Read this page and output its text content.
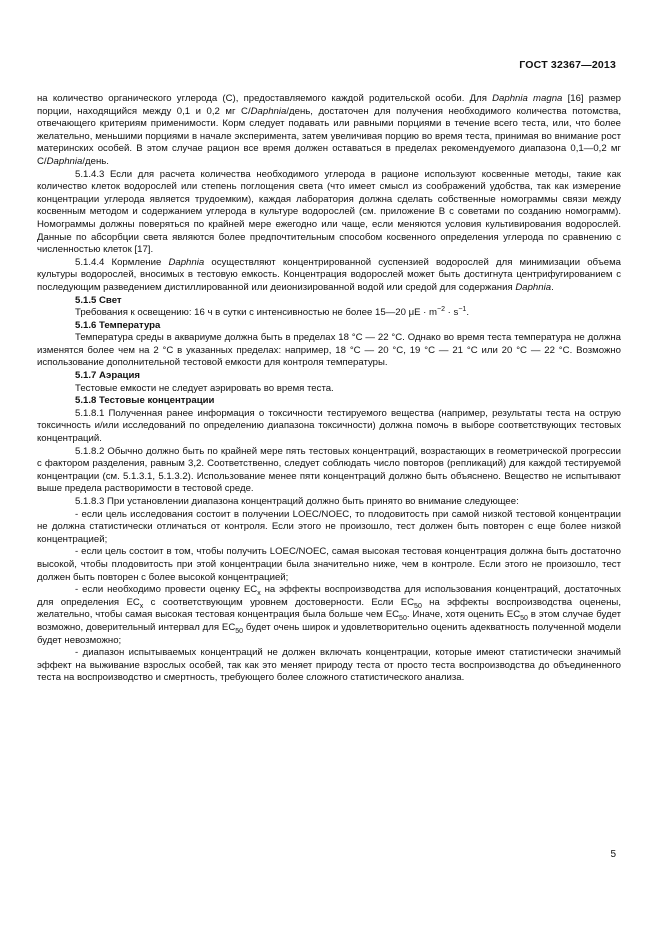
ГОСТ 32367—2013

на количество органического углерода (С), предоставляемого каждой родительской особи. Для Daphnia magna [16] размер порции, находящийся между 0,1 и 0,2 мг С/Daphnia/день, достаточен для получения необходимого количества потомства, отвечающего критериям применимости. Корм следует подавать или равными порциями в течение всего теста, или, что более желательно, меньшими порциями в начале эксперимента, затем увеличивая порцию во время теста, принимая во внимание рост материнских особей. В этом случае рацион все время должен оставаться в пределах рекомендуемого диапазона 0,1—0,2 мг С/Daphnia/день.

5.1.4.3 Если для расчета количества необходимого углерода в рационе используют косвенные методы, такие как количество клеток водорослей или степень поглощения света (что имеет смысл из соображений удобства, так как измерение концентрации углерода является трудоемким), каждая лаборатория должна сделать собственные номограммы связи между косвенным методом и содержанием углерода в культуре водорослей (см. приложение В с советами по созданию номограмм). Номограммы должны поверяться по крайней мере ежегодно или чаще, если меняются условия культивирования водорослей. Данные по абсорбции света являются более предпочтительным способом косвенного определения углерода по сравнению с численностью клеток [17].

5.1.4.4 Кормление Daphnia осуществляют концентрированной суспензией водорослей для минимизации объема культуры водорослей, вносимых в тестовую емкость. Концентрация водорослей может быть достигнута центрифугированием с последующим разведением дистиллированной или деионизированной водой или средой для содержания Daphnia.

5.1.5 Свет

Требования к освещению: 16 ч в сутки с интенсивностью не более 15—20 $\mu E \cdot m^{-2} \cdot s^{-1}$.

5.1.6 Температура

Температура среды в аквариуме должна быть в пределах 18 °С — 22 °С. Однако во время теста температура не должна изменятся более чем на 2 °С в указанных пределах: например, 18 °С — 20 °С, 19 °С — 21 °С или 20 °С — 22 °С. Возможно использование дополнительной тестовой емкости для контроля температуры.

5.1.7 Аэрация

Тестовые емкости не следует аэрировать во время теста.

5.1.8 Тестовые концентрации

5.1.8.1 Полученная ранее информация о токсичности тестируемого вещества (например, результаты теста на острую токсичность и/или исследований по определению диапазона токсичности) должна помочь в выборе соответствующих тестовых концентраций.

5.1.8.2 Обычно должно быть по крайней мере пять тестовых концентраций, возрастающих в геометрической прогрессии с фактором разделения, равным 3,2. Соответственно, следует соблюдать число повторов (репликаций) для каждой тестируемой концентрации (см. 5.1.3.1, 5.1.3.2). Использование менее пяти концентраций должно быть объяснено. Вещество не испытывают выше предела растворимости в тестовой среде.

5.1.8.3 При установлении диапазона концентраций должно быть принято во внимание следующее:

- если цель исследования состоит в получении LOEC/NOEC, то плодовитость при самой низкой тестовой концентрации не должна статистически отличаться от контроля. Если этого не произошло, тест должен быть повторен с еще более низкой концентрацией;

- если цель состоит в том, чтобы получить LOEC/NOEC, самая высокая тестовая концентрация должна быть достаточно высокой, чтобы плодовитость при этой концентрации была значительно ниже, чем в контроле. Если этого не произошло, тест должен быть повторен с более высокой концентрацией;

- если необходимо провести оценку $ЕС_x$ на эффекты воспроизводства для использования концентраций, достаточных для определения $ЕС_x$ с соответствующим уровнем достоверности. Если $ЕС_{50}$ на эффекты воспроизводства оценены, желательно, чтобы самая высокая тестовая концентрация была больше чем $ЕС_{50}$. Иначе, хотя оценить $ЕС_{50}$ в этом случае будет возможно, доверительный интервал для $ЕС_{50}$ будет очень широк и удовлетворительно оценить адекватность полученной модели будет невозможно;

- диапазон испытываемых концентраций не должен включать концентрации, которые имеют статистически значимый эффект на выживание взрослых особей, так как это меняет природу теста от просто теста воспроизводства до объединенного теста на воспроизводство и смертность, требующего более сложного статистического анализа.

5
